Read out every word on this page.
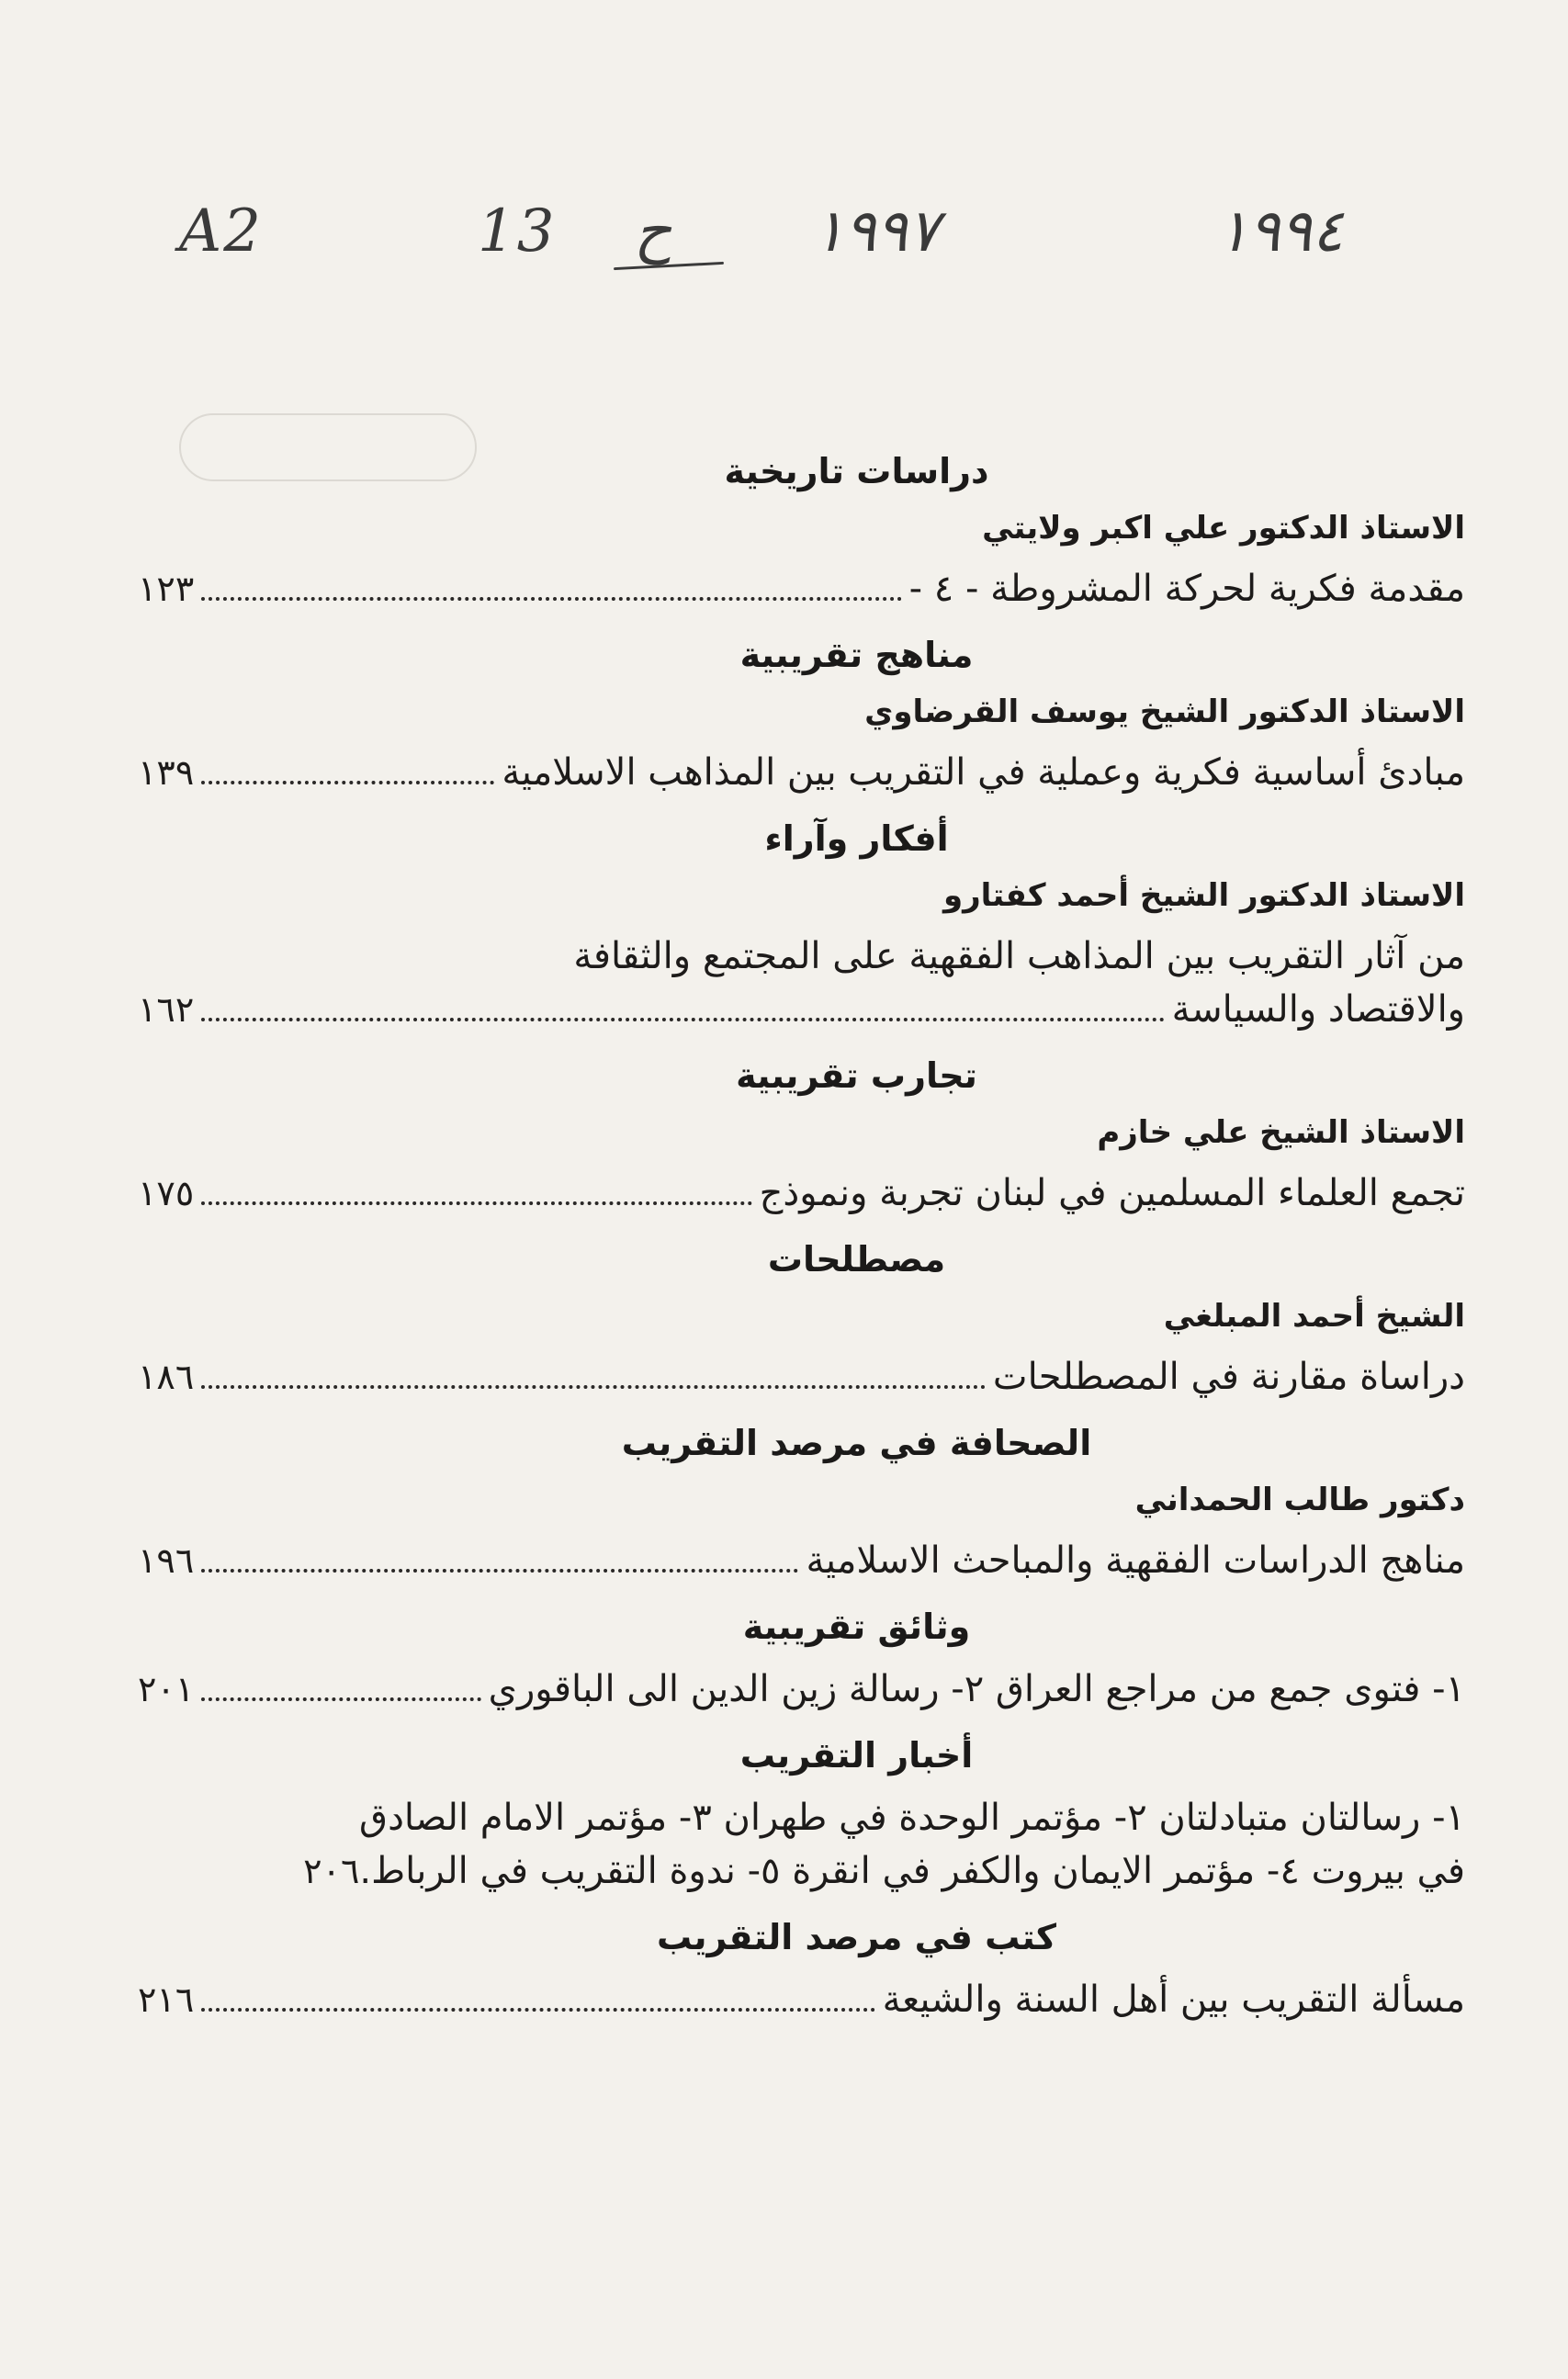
A2	13 ح ١٩٩٧	١٩٩٤
دراسات تاريخية
الاستاذ الدكتور علي اكبر ولايتي
مقدمة فكرية لحركة المشروطة - ٤ -
١٢٣
مناهج تقريبية
الاستاذ الدكتور الشيخ يوسف القرضاوي
مبادئ أساسية فكرية وعملية في التقريب بين المذاهب الاسلامية
١٣٩
أفكار وآراء
الاستاذ الدكتور الشيخ أحمد كفتارو
من آثار التقريب بين المذاهب الفقهية على المجتمع والثقافة
والاقتصاد والسياسة
١٦٢
تجارب تقريبية
الاستاذ الشيخ علي خازم
تجمع العلماء المسلمين في لبنان تجربة ونموذج
١٧٥
مصطلحات
الشيخ أحمد المبلغي
دراساة مقارنة في المصطلحات
١٨٦
الصحافة في مرصد التقريب
دكتور طالب الحمداني
مناهج الدراسات الفقهية والمباحث الاسلامية
١٩٦
وثائق تقريبية
١- فتوى جمع من مراجع العراق ٢- رسالة زين الدين الى الباقوري
٢٠١
أخبار التقريب
١- رسالتان متبادلتان ٢- مؤتمر الوحدة في طهران ٣- مؤتمر الامام الصادق
في بيروت ٤- مؤتمر الايمان والكفر في انقرة ٥- ندوة التقريب في الرباط.
٢٠٦
كتب في مرصد التقريب
مسألة التقريب بين أهل السنة والشيعة
٢١٦
